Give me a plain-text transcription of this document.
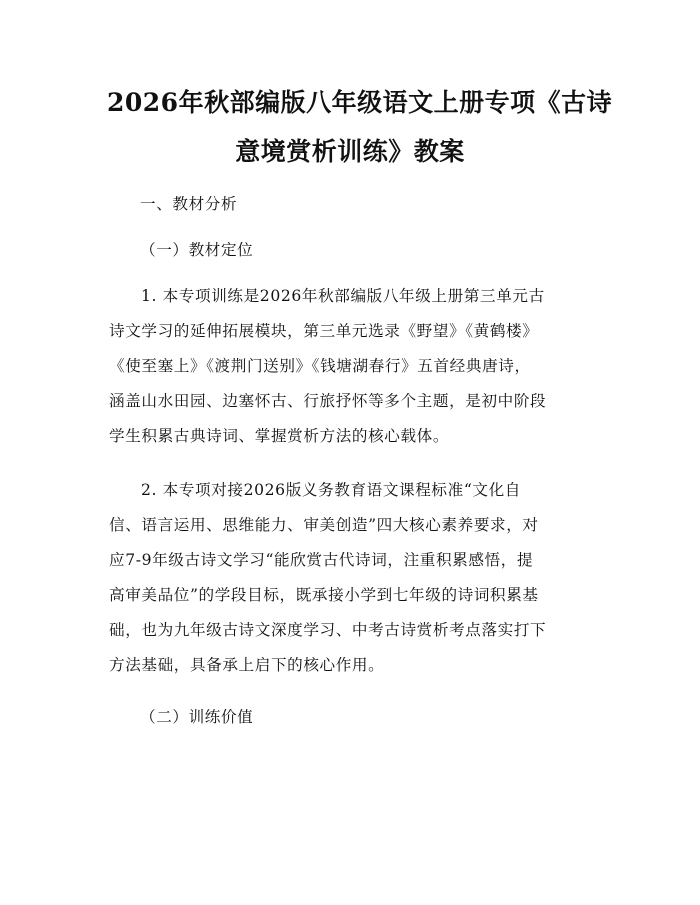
2026年秋部编版八年级语文上册专项《古诗
意境赏析训练》教案
一、教材分析
（一）教材定位
1. 本专项训练是2026年秋部编版八年级上册第三单元古
诗文学习的延伸拓展模块，第三单元选录《野望》《黄鹤楼》
《使至塞上》《渡荆门送别》《钱塘湖春行》五首经典唐诗，
涵盖山水田园、边塞怀古、行旅抒怀等多个主题，是初中阶段
学生积累古典诗词、掌握赏析方法的核心载体。
2. 本专项对接2026版义务教育语文课程标准“文化自
信、语言运用、思维能力、审美创造”四大核心素养要求，对
应7-9年级古诗文学习“能欣赏古代诗词，注重积累感悟，提
高审美品位”的学段目标，既承接小学到七年级的诗词积累基
础，也为九年级古诗文深度学习、中考古诗赏析考点落实打下
方法基础，具备承上启下的核心作用。
（二）训练价值
